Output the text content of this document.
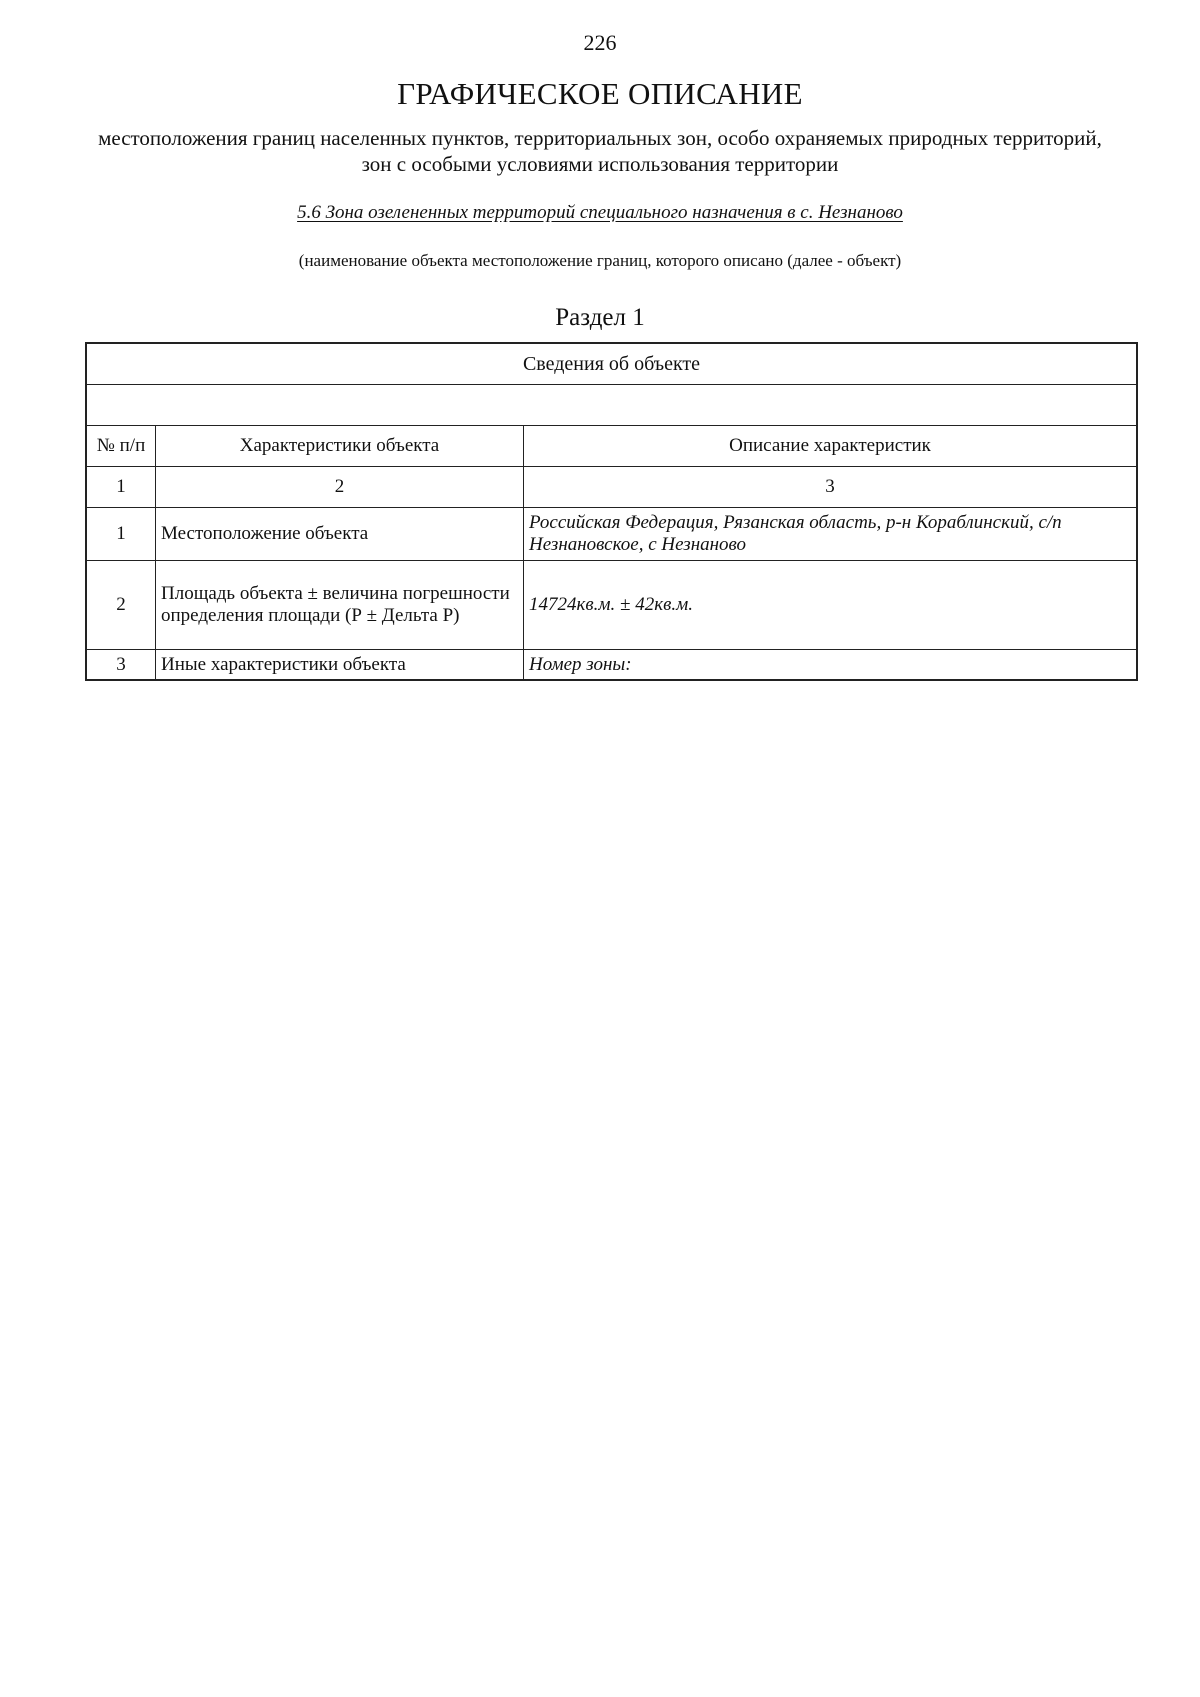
226
ГРАФИЧЕСКОЕ ОПИСАНИЕ
местоположения границ населенных пунктов, территориальных зон, особо охраняемых природных территорий, зон с особыми условиями использования территории
5.6 Зона озелененных территорий специального назначения в с. Незнаново
(наименование объекта местоположение границ, которого описано (далее - объект)
Раздел 1
Сведения об объекте		

№ п/п	Характеристики объекта	Описание характеристик
1	2	3
1	Местоположение объекта	Российская Федерация, Рязанская область, р-н Кораблинский, с/п Незнановское, с Незнаново
2	Площадь объекта ± величина погрешности определения площади (Р ± Дельта Р)	14724кв.м. ± 42кв.м.
3	Иные характеристики объекта	Номер зоны:
